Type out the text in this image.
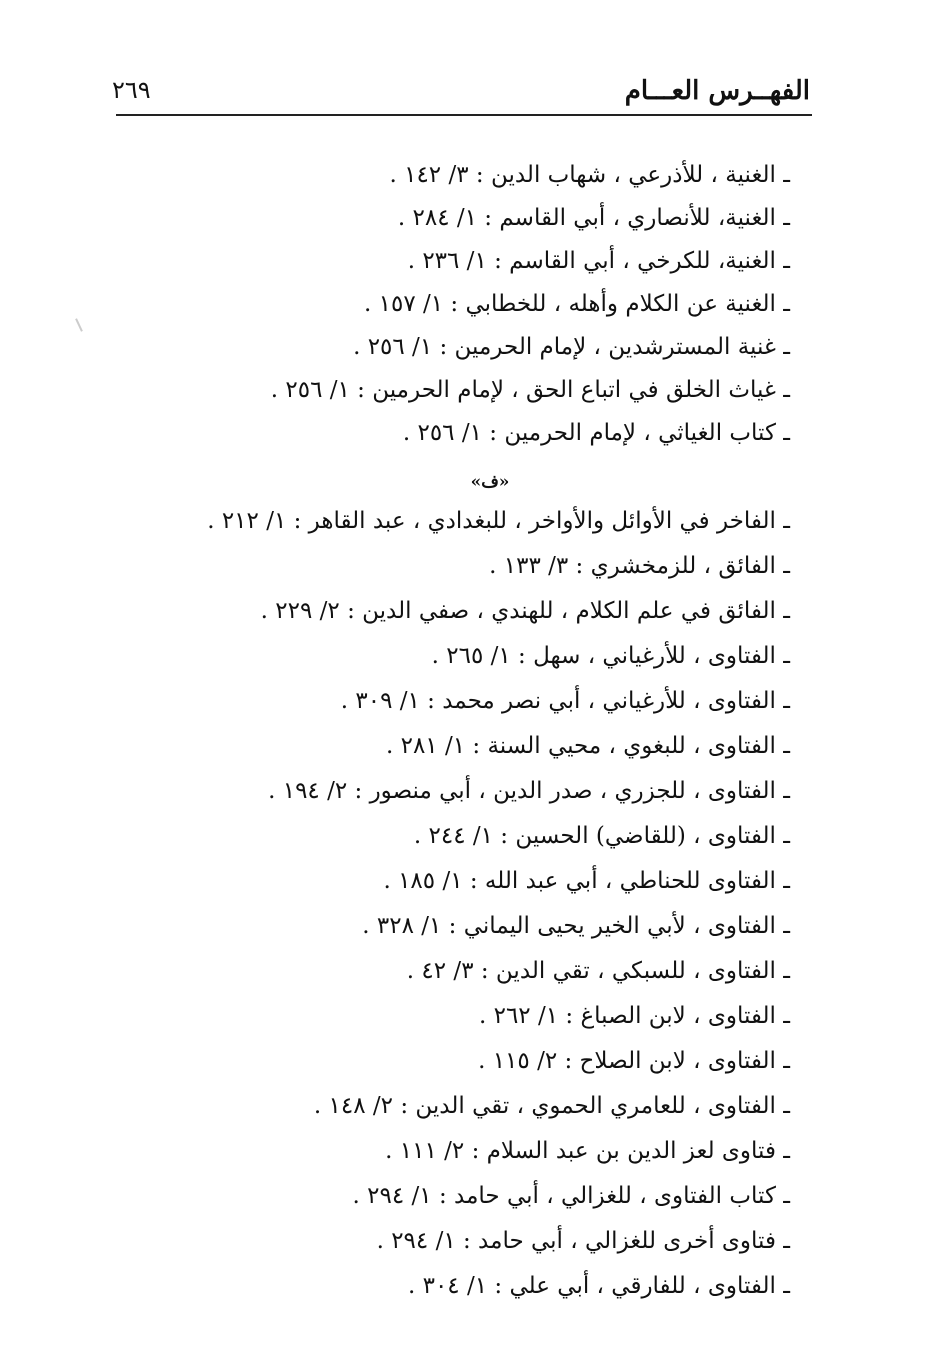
الفهــرس العـــام
٢٦٩
ـ الغنية ، للأذرعي ، شهاب الدين : ٣/ ١٤٢ .
ـ الغنية، للأنصاري ، أبي القاسم : ١/ ٢٨٤ .
ـ الغنية، للكرخي ، أبي القاسم : ١/ ٢٣٦ .
ـ الغنية عن الكلام وأهله ، للخطابي : ١/ ١٥٧ .
ـ غنية المسترشدين ، لإمام الحرمين : ١/ ٢٥٦ .
ـ غياث الخلق في اتباع الحق ، لإمام الحرمين : ١/ ٢٥٦ .
ـ كتاب الغياثي ، لإمام الحرمين : ١/ ٢٥٦ .
«ف»
ـ الفاخر في الأوائل والأواخر ، للبغدادي ، عبد القاهر : ١/ ٢١٢ .
ـ الفائق ، للزمخشري : ٣/ ١٣٣ .
ـ الفائق في علم الكلام ، للهندي ، صفي الدين : ٢/ ٢٢٩ .
ـ الفتاوى ، للأرغياني ، سهل : ١/ ٢٦٥ .
ـ الفتاوى ، للأرغياني ، أبي نصر محمد : ١/ ٣٠٩ .
ـ الفتاوى ، للبغوي ، محيي السنة : ١/ ٢٨١ .
ـ الفتاوى ، للجزري ، صدر الدين ، أبي منصور : ٢/ ١٩٤ .
ـ الفتاوى ، (للقاضي) الحسين : ١/ ٢٤٤ .
ـ الفتاوى للحناطي ، أبي عبد الله : ١/ ١٨٥ .
ـ الفتاوى ، لأبي الخير يحيى اليماني : ١/ ٣٢٨ .
ـ الفتاوى ، للسبكي ، تقي الدين : ٣/ ٤٢ .
ـ الفتاوى ، لابن الصباغ : ١/ ٢٦٢ .
ـ الفتاوى ، لابن الصلاح : ٢/ ١١٥ .
ـ الفتاوى ، للعامري الحموي ، تقي الدين : ٢/ ١٤٨ .
ـ فتاوى لعز الدين بن عبد السلام : ٢/ ١١١ .
ـ كتاب الفتاوى ، للغزالي ، أبي حامد : ١/ ٢٩٤ .
ـ فتاوى أخرى للغزالي ، أبي حامد : ١/ ٢٩٤ .
ـ الفتاوى ، للفارقي ، أبي علي : ١/ ٣٠٤ .
